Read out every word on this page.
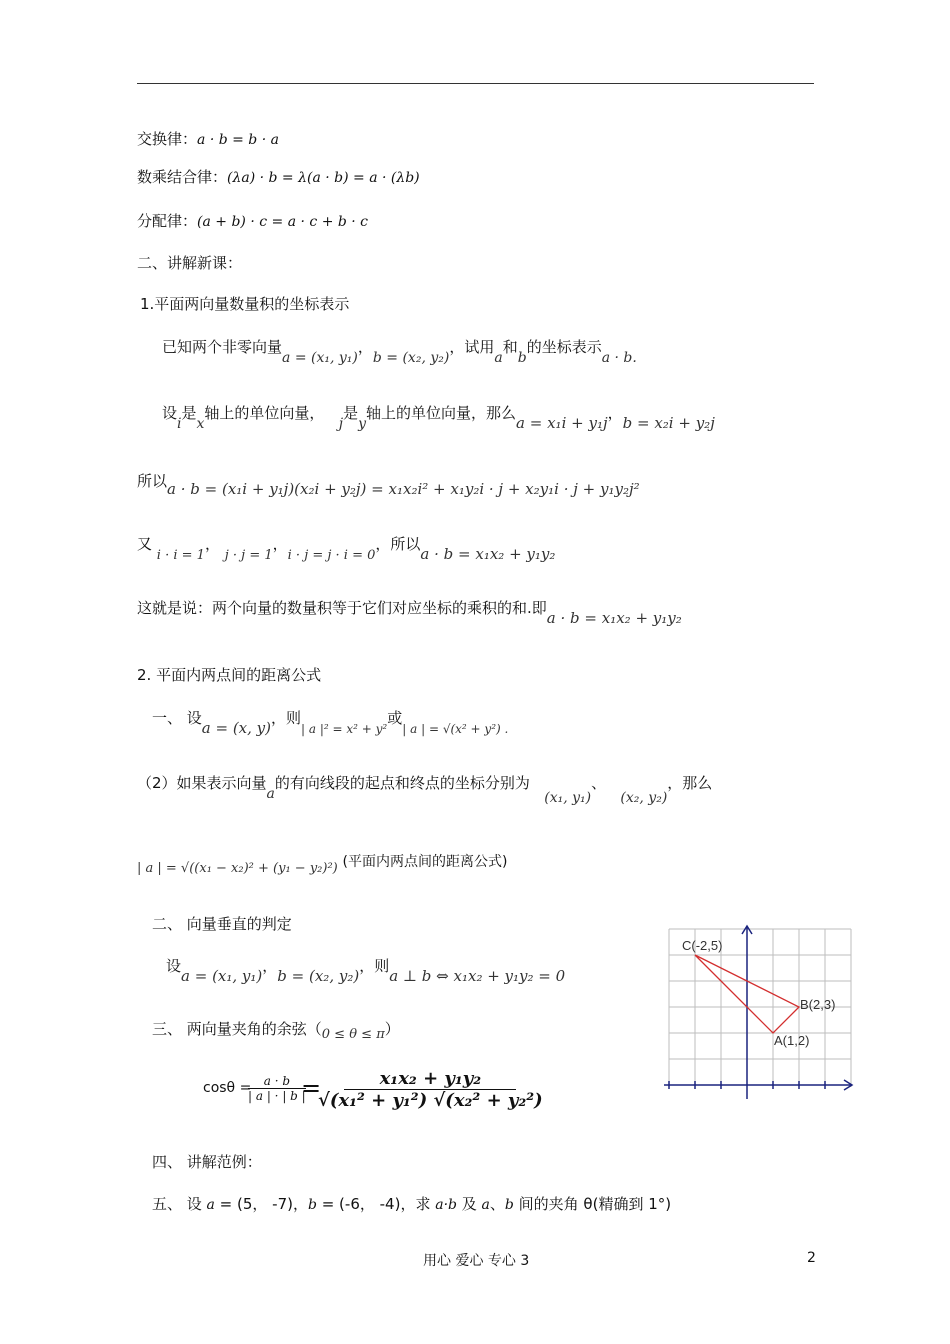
交换律：a · b = b · a
数乘结合律：(λa) · b = λ(a · b) = a · (λb)
分配律：(a + b) · c = a · c + b · c
二、讲解新课：
1.平面两向量数量积的坐标表示
已知两个非零向量a = (x₁, y₁)，b = (x₂, y₂)，试用a和b的坐标表示a · b.
设i是x轴上的单位向量，   j是y轴上的单位向量，那么a = x₁i + y₁j，b = x₂i + y₂j
所以a · b = (x₁i + y₁j)(x₂i + y₂j) = x₁x₂i² + x₁y₂i · j + x₂y₁i · j + y₁y₂j²
又 i · i = 1， j · j = 1，i · j = j · i = 0，所以a · b = x₁x₂ + y₁y₂
这就是说：两个向量的数量积等于它们对应坐标的乘积的和.即a · b = x₁x₂ + y₁y₂
2. 平面内两点间的距离公式
一、 设a = (x, y)，则$_{| a |^2 = x^2 + y^2}$或$_{| a | = √(x^2 + y^2) .}$
（2）如果表示向量a的有向线段的起点和终点的坐标分别为   (x₁, y₁)、   (x₂, y₂)，那么
| a | = √((x₁ − x₂)² + (y₁ − y₂)²) (平面内两点间的距离公式)
二、 向量垂直的判定
设a = (x₁, y₁)，b = (x₂, y₂)，则a ⊥ b ⇔ x₁x₂ + y₁y₂ = 0
三、 两向量夹角的余弦（0 ≤ θ ≤ π）
cosθ = a · b
| a | · | b |
=	x₁x₂ + y₁y₂
√(x₁² + y₁²) √(x₂² + y₂²)
四、 讲解范例：
五、 设 a = (5， -7)，b = (-6， -4)，求 a·b 及 a、b 间的夹角 θ(精确到 1°)
C(-2,5)
B(2,3)
A(1,2)
用心 爱心 专心 3	2
